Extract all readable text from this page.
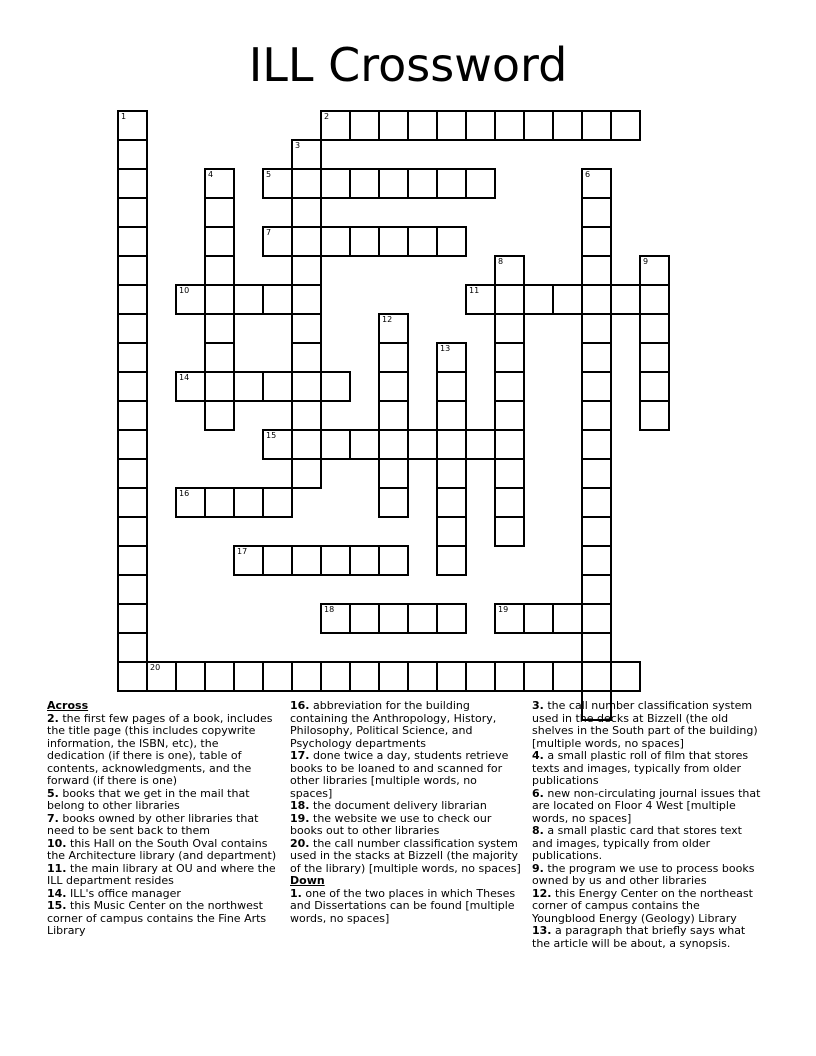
ILL Crossword
1	2
3
4	5	6
7
8	9
10	11
12
13
14
15
16
17
18	19
20

Across

2. the first few pages of a book, includes the title page (this includes copywrite information, the ISBN, etc), the dedication (if there is one), table of contents, acknowledgments, and the forward (if there is one)

5. books that we get in the mail that belong to other libraries

7. books owned by other libraries that need to be sent back to them

10. this Hall on the South Oval contains the Architecture library (and department)

11. the main library at OU and where the ILL department resides

14. ILL's office manager

15. this Music Center on the northwest corner of campus contains the Fine Arts Library

16. abbreviation for the building containing the Anthropology, History, Philosophy, Political Science, and Psychology departments

17. done twice a day, students retrieve books to be loaned to and scanned for other libraries [multiple words, no spaces]

18. the document delivery librarian

19. the website we use to check our books out to other libraries

20. the call number classification system used in the stacks at Bizzell (the majority of the library) [multiple words, no spaces]

Down

1. one of the two places in which Theses and Dissertations can be found [multiple words, no spaces]

3. the call number classification system used in the decks at Bizzell (the old shelves in the South part of the building) [multiple words, no spaces]

4. a small plastic roll of film that stores texts and images, typically from older publications

6. new non-circulating journal issues that are located on Floor 4 West [multiple words, no spaces]

8. a small plastic card that stores text and images, typically from older publications.

9. the program we use to process books owned by us and other libraries

12. this Energy Center on the northeast corner of campus contains the Youngblood Energy (Geology) Library

13. a paragraph that briefly says what the article will be about, a synopsis.
